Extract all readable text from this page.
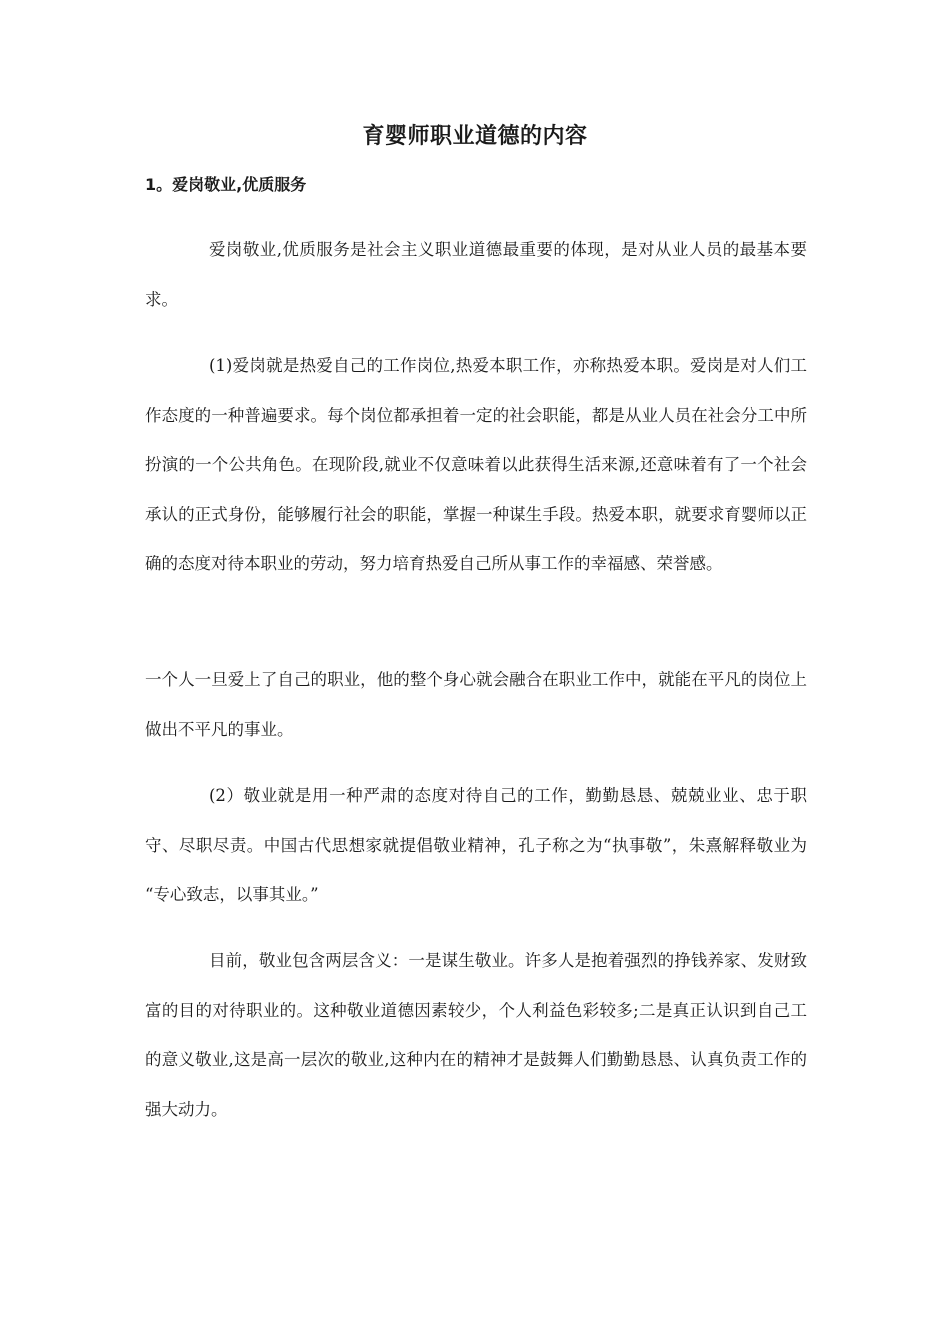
育婴师职业道德的内容
1。爱岗敬业,优质服务

爱岗敬业,优质服务是社会主义职业道德最重要的体现，是对从业人员的最基本要求。

(1)爱岗就是热爱自己的工作岗位,热爱本职工作，亦称热爱本职。爱岗是对人们工作态度的一种普遍要求。每个岗位都承担着一定的社会职能，都是从业人员在社会分工中所扮演的一个公共角色。在现阶段,就业不仅意味着以此获得生活来源,还意味着有了一个社会承认的正式身份，能够履行社会的职能，掌握一种谋生手段。热爱本职，就要求育婴师以正确的态度对待本职业的劳动，努力培育热爱自己所从事工作的幸福感、荣誉感。

一个人一旦爱上了自己的职业，他的整个身心就会融合在职业工作中，就能在平凡的岗位上做出不平凡的事业。

(2）敬业就是用一种严肃的态度对待自己的工作，勤勤恳恳、兢兢业业、忠于职守、尽职尽责。中国古代思想家就提倡敬业精神，孔子称之为“执事敬”，朱熹解释敬业为 “专心致志，以事其业。”

目前，敬业包含两层含义：一是谋生敬业。许多人是抱着强烈的挣钱养家、发财致富的目的对待职业的。这种敬业道德因素较少，个人利益色彩较多;二是真正认识到自己工的意义敬业,这是高一层次的敬业,这种内在的精神才是鼓舞人们勤勤恳恳、认真负责工作的强大动力。
